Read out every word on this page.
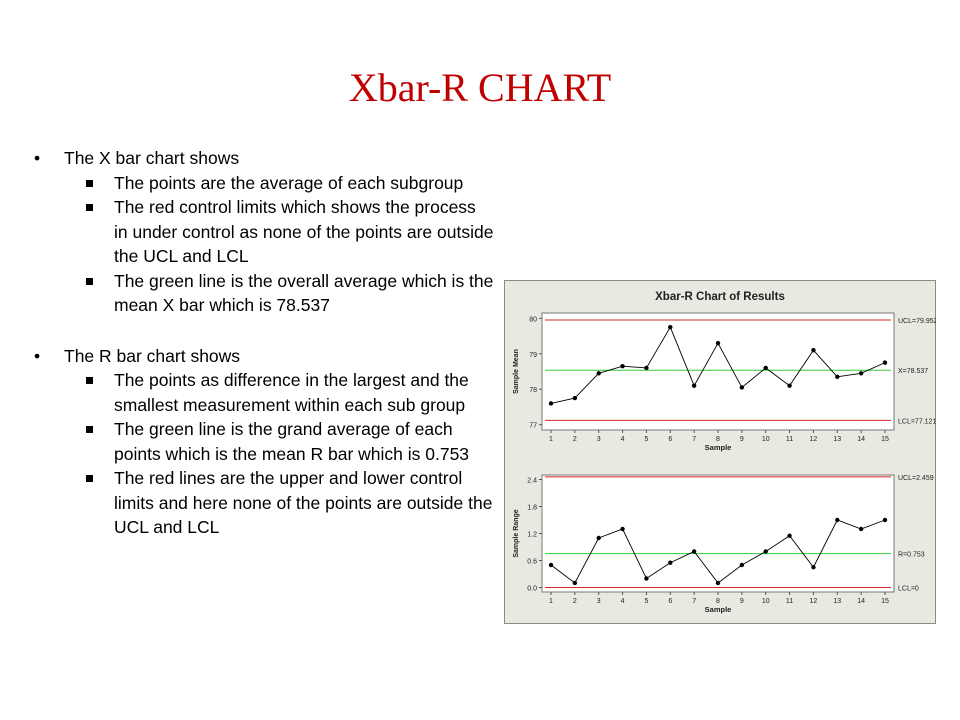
Xbar-R CHART
• The X bar chart shows
The points are the average of each subgroup
The red control limits which shows the process in under control as none of the points are outside the UCL and LCL
The green line is the overall average which is the mean X bar which is 78.537
• The R bar chart shows
The points as difference in the largest and the smallest measurement within each sub group
The green line is the grand average of each points which is the mean R bar which is 0.753
The red lines are the upper and lower control limits and here none of the points are outside the UCL and LCL
Xbar-R Chart of Results
77
78
79
80
1	2	3	4	5	6	7	8	9	10 11 12 13 14 15
Sample
Sample Mean
UCL=79.952
X=78.537
LCL=77.121
0.0
0.6
1.2
1.8
2.4
1	2	3	4	5	6	7	8	9	10 11 12 13 14 15
Sample
Sample Range
UCL=2.459
R=0.753
LCL=0
